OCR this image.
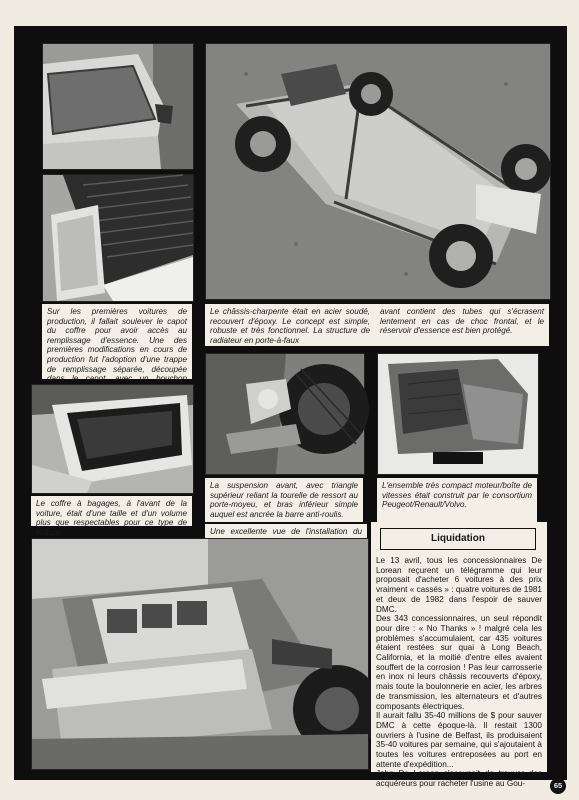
Sur les premières voitures de production, il fallait soulever le capot du coffre pour avoir accès au remplissage d'essence. Une des premières modifications en cours de production fut l'adoption d'une trappe de remplissage séparée, découpée dans le capot, avec un bouchon

Le châssis-charpente était en acier soudé, recouvert d'époxy. Le concept est simple, robuste et très fonctionnel. La structure de radiateur en porte-à-faux

avant contient des tubes qui s'écrasent lentement en cas de choc frontal, et le réservoir d'essence est bien protégé.

Le coffre à bagages, à l'avant de la voiture, était d'une taille et d'un volume plus que respectables pour ce type de voiture.

La suspension avant, avec triangle supérieur reliant la tourelle de ressort au porte-moyeu, et bras inférieur simple auquel est ancrée la barre anti-roulis.

L'ensemble très compact moteur/boîte de vitesses était construit par le consortium Peugeot/Renault/Volvo.

Une excellente vue de l'installation du

Liquidation

Le 13 avril, tous les concessionnaires De Lorean reçurent un télégramme qui leur proposait d'acheter 6 voitures à des prix vraiment « cassés » : quatre voitures de 1981 et deux de 1982 dans l'espoir de sauver DMC.

Des 343 concessionnaires, un seul répondit pour dire : « No Thanks » ! malgré cela les problèmes s'accumulaient, car 435 voitures étaient restées sur quai à Long Beach, California, et la moitié d'entre elles avaient souffert de la corrosion ! Pas leur carrosserie en inox ni leurs châssis recouverts d'époxy, mais toute la boulonnerie en acier, les arbres de transmission, les alternateurs et d'autres composants électriques.

Il aurait fallu 35-40 millions de $ pour sauver DMC à cette époque-là. Il restait 1300 ouvriers à l'usine de Belfast, ils produisaient 35-40 voitures par semaine, qui s'ajoutaient à toutes les voitures entreposées au port en attente d'expédition...

John De Lorean s'occupait de trouver des acquéreurs pour racheter l'usine au Gou-	65
